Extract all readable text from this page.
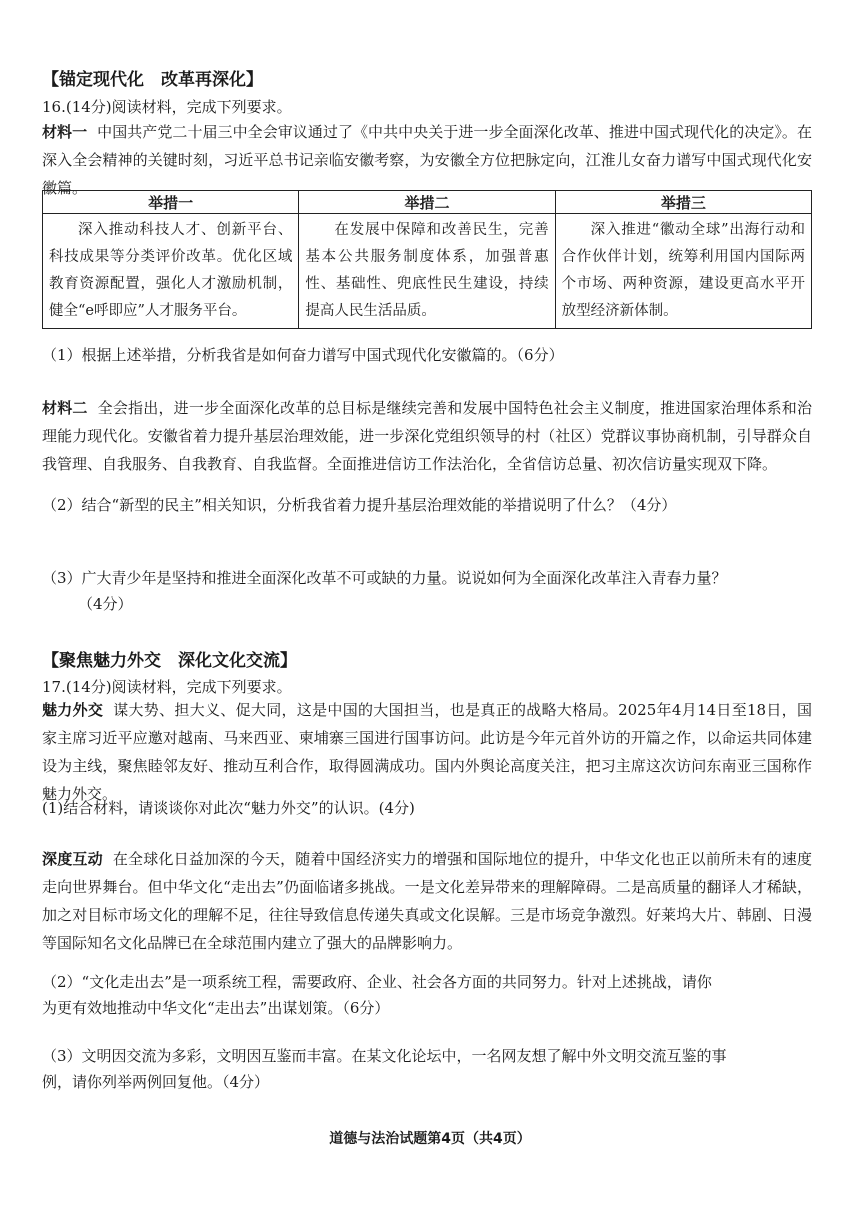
【锚定现代化　改革再深化】
16.(14分)阅读材料，完成下列要求。
材料一 中国共产党二十届三中全会审议通过了《中共中央关于进一步全面深化改革、推进中国式现代化的决定》。在深入全会精神的关键时刻，习近平总书记亲临安徽考察，为安徽全方位把脉定向，江淮儿女奋力谱写中国式现代化安徽篇。
举措一	举措二	举措三
深入推动科技人才、创新平台、科技成果等分类评价改革。优化区域教育资源配置，强化人才激励机制，健全“e呼即应”人才服务平台。	在发展中保障和改善民生，完善基本公共服务制度体系，加强普惠性、基础性、兜底性民生建设，持续提高人民生活品质。	深入推进“徽动全球”出海行动和合作伙伴计划，统筹利用国内国际两个市场、两种资源，建设更高水平开放型经济新体制。
（1）根据上述举措，分析我省是如何奋力谱写中国式现代化安徽篇的。（6分）
材料二 全会指出，进一步全面深化改革的总目标是继续完善和发展中国特色社会主义制度，推进国家治理体系和治理能力现代化。安徽省着力提升基层治理效能，进一步深化党组织领导的村（社区）党群议事协商机制，引导群众自我管理、自我服务、自我教育、自我监督。全面推进信访工作法治化，全省信访总量、初次信访量实现双下降。
（2）结合“新型的民主”相关知识，分析我省着力提升基层治理效能的举措说明了什么？（4分）
（3）广大青少年是坚持和推进全面深化改革不可或缺的力量。说说如何为全面深化改革注入青春力量？
（4分）
【聚焦魅力外交　深化文化交流】
17.(14分)阅读材料，完成下列要求。
魅力外交 谋大势、担大义、促大同，这是中国的大国担当，也是真正的战略大格局。2025年4月14日至18日，国家主席习近平应邀对越南、马来西亚、柬埔寨三国进行国事访问。此访是今年元首外访的开篇之作，以命运共同体建设为主线，聚焦睦邻友好、推动互利合作，取得圆满成功。国内外舆论高度关注，把习主席这次访问东南亚三国称作魅力外交。
(1)结合材料，请谈谈你对此次“魅力外交”的认识。(4分)
深度互动 在全球化日益加深的今天，随着中国经济实力的增强和国际地位的提升，中华文化也正以前所未有的速度走向世界舞台。但中华文化“走出去”仍面临诸多挑战。一是文化差异带来的理解障碍。二是高质量的翻译人才稀缺，加之对目标市场文化的理解不足，往往导致信息传递失真或文化误解。三是市场竞争激烈。好莱坞大片、韩剧、日漫等国际知名文化品牌已在全球范围内建立了强大的品牌影响力。
（2）“文化走出去”是一项系统工程，需要政府、企业、社会各方面的共同努力。针对上述挑战，请你
为更有效地推动中华文化“走出去”出谋划策。（6分）
（3）文明因交流为多彩，文明因互鉴而丰富。在某文化论坛中，一名网友想了解中外文明交流互鉴的事
例，请你列举两例回复他。（4分）
道德与法治试题第4页（共4页）
